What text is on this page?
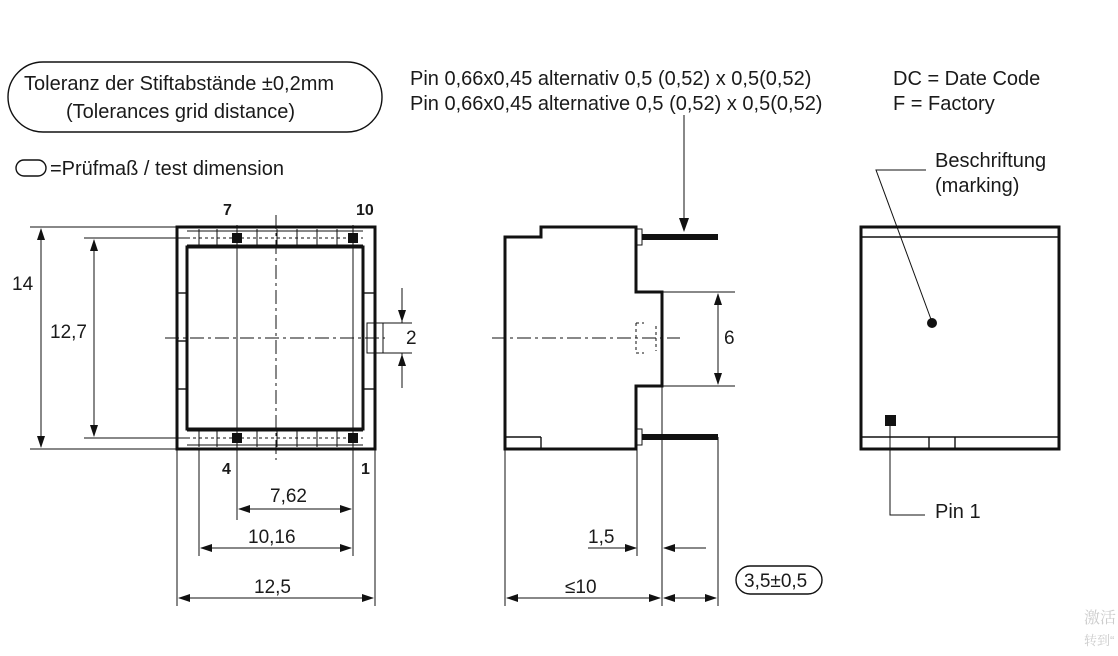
Toleranz der Stiftabstände ±0,2mm
(Tolerances grid distance)
=Prüfmaß / test dimension
Pin 0,66x0,45 alternativ 0,5 (0,52) x 0,5(0,52)
Pin 0,66x0,45 alternative 0,5 (0,52) x 0,5(0,52)
DC = Date Code
F = Factory
Beschriftung
(marking)
7	10
4	1
14
12,7	2
7,62
10,16
12,5
6
1,5
≤10	3,5±0,5
Pin 1
激活
转到“
